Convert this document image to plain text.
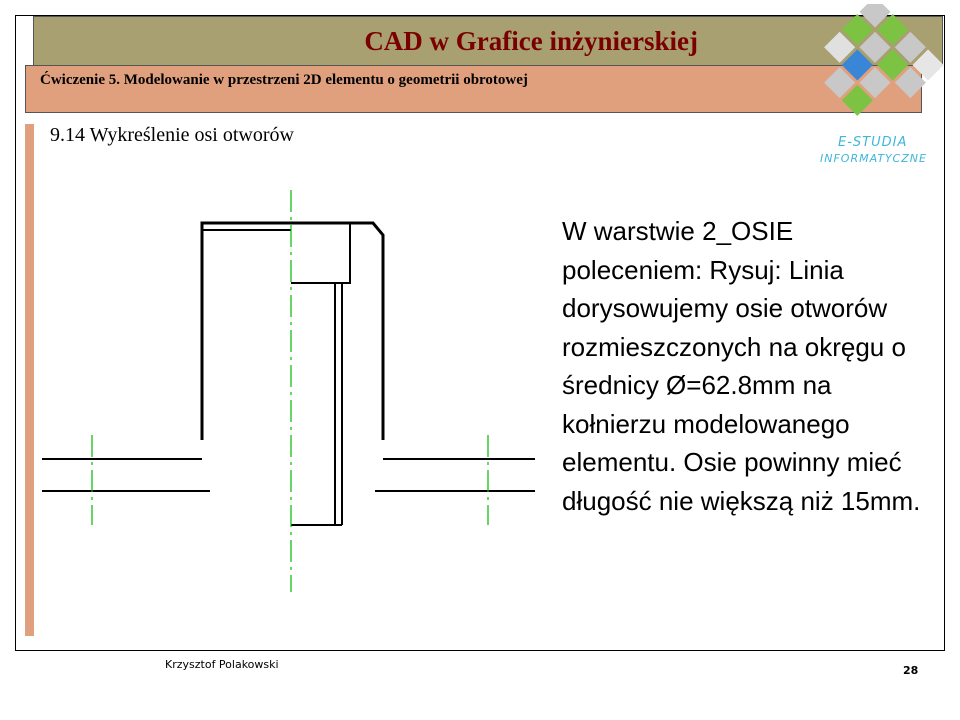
CAD w Grafice inżynierskiej
Ćwiczenie 5. Modelowanie w przestrzeni 2D elementu o geometrii obrotowej
E-STUDIA
INFORMATYCZNE
9.14 Wykreślenie osi otworów
W warstwie 2_OSIE poleceniem: Rysuj: Linia dorysowujemy osie otworów rozmieszczonych na okręgu o średnicy Ø=62.8mm na kołnierzu modelowanego elementu. Osie powinny mieć długość nie większą niż 15mm.
Krzysztof Polakowski	28
